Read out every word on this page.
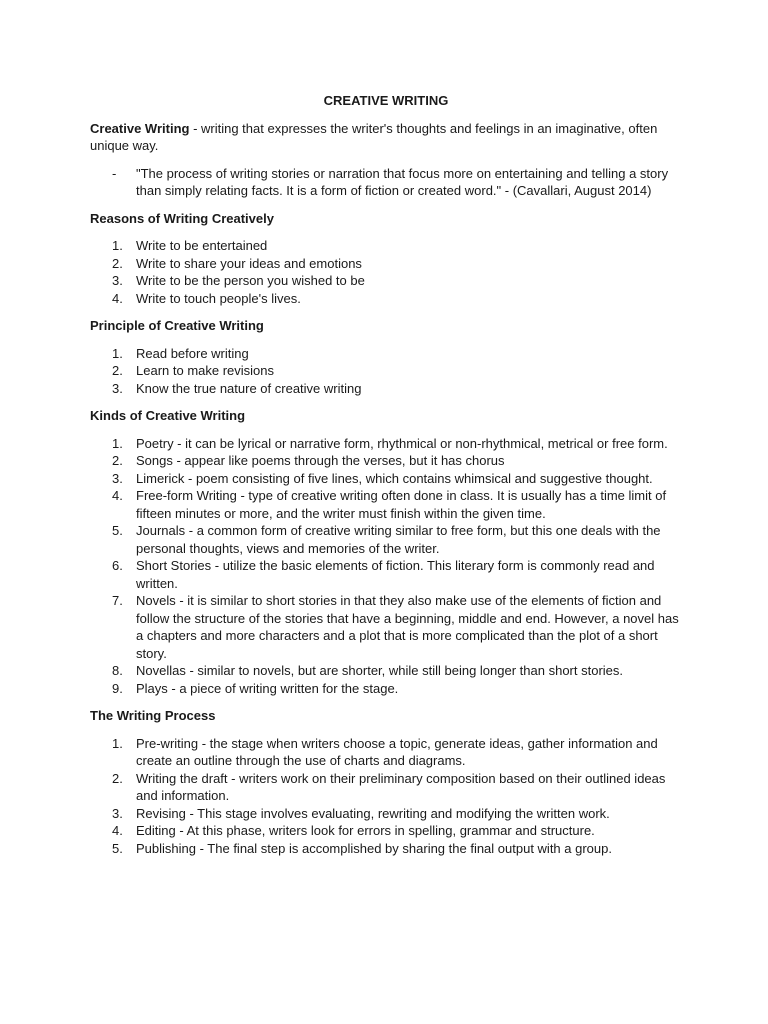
CREATIVE WRITING

Creative Writing - writing that expresses the writer's thoughts and feelings in an imaginative, often unique way.

- "The process of writing stories or narration that focus more on entertaining and telling a story than simply relating facts. It is a form of fiction or created word." - (Cavallari, August 2014)
Reasons of Writing Creatively
1. Write to be entertained
2. Write to share your ideas and emotions
3. Write to be the person you wished to be
4. Write to touch people's lives.
Principle of Creative Writing
1. Read before writing
2. Learn to make revisions
3. Know the true nature of creative writing
Kinds of Creative Writing
1. Poetry - it can be lyrical or narrative form, rhythmical or non-rhythmical, metrical or free form.
2. Songs - appear like poems through the verses, but it has chorus
3. Limerick - poem consisting of five lines, which contains whimsical and suggestive thought.
4. Free-form Writing - type of creative writing often done in class. It is usually has a time limit of fifteen minutes or more, and the writer must finish within the given time.
5. Journals - a common form of creative writing similar to free form, but this one deals with the personal thoughts, views and memories of the writer.
6. Short Stories - utilize the basic elements of fiction. This literary form is commonly read and written.
7. Novels - it is similar to short stories in that they also make use of the elements of fiction and follow the structure of the stories that have a beginning, middle and end. However, a novel has a chapters and more characters and a plot that is more complicated than the plot of a short story.
8. Novellas - similar to novels, but are shorter, while still being longer than short stories.
9. Plays - a piece of writing written for the stage.
The Writing Process
1. Pre-writing - the stage when writers choose a topic, generate ideas, gather information and create an outline through the use of charts and diagrams.
2. Writing the draft - writers work on their preliminary composition based on their outlined ideas and information.
3. Revising - This stage involves evaluating, rewriting and modifying the written work.
4. Editing - At this phase, writers look for errors in spelling, grammar and structure.
5. Publishing - The final step is accomplished by sharing the final output with a group.
